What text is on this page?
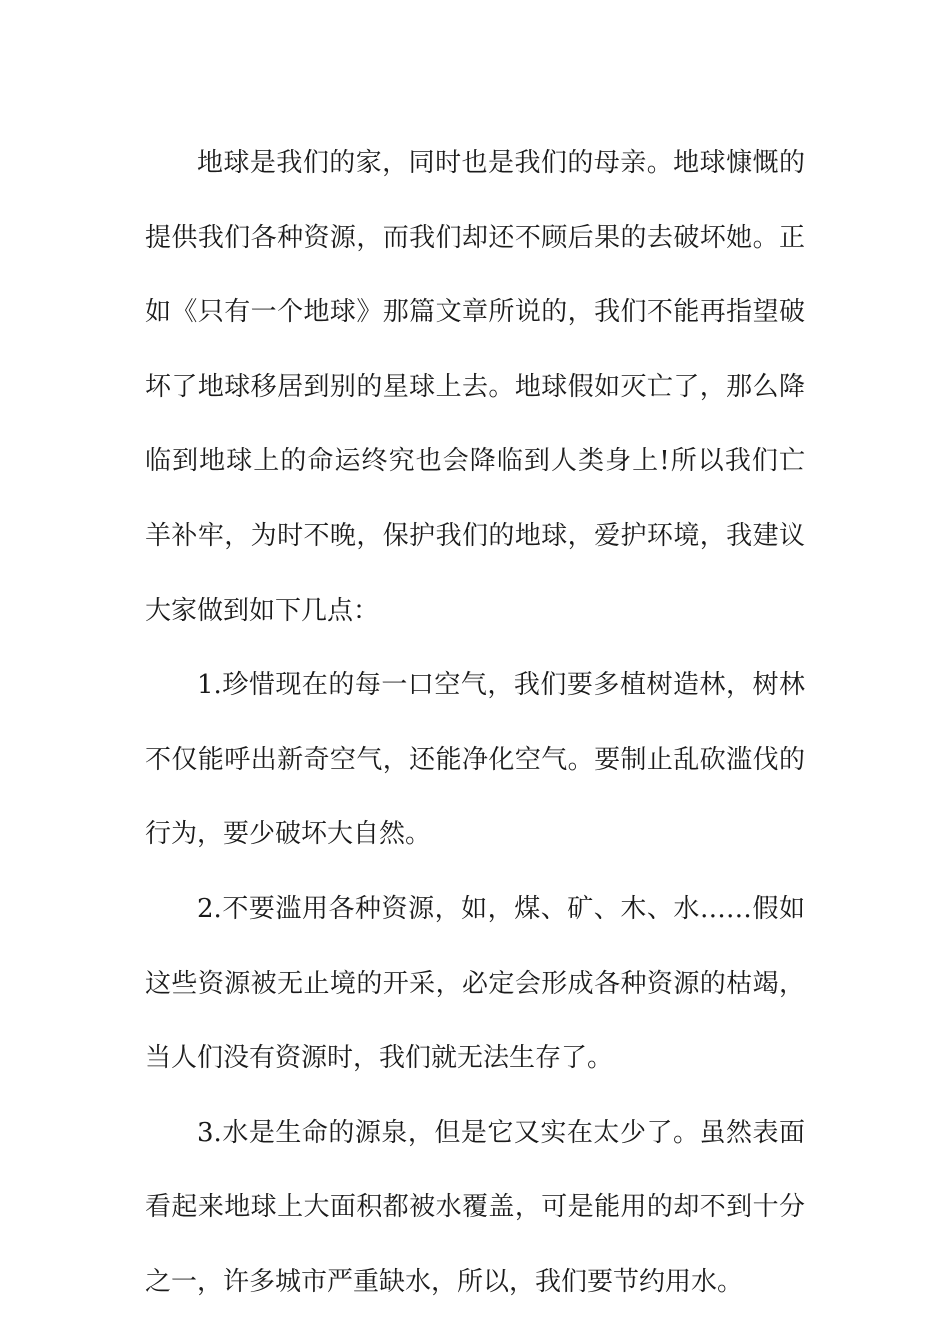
地球是我们的家，同时也是我们的母亲。地球慷慨的提供我们各种资源，而我们却还不顾后果的去破坏她。正如《只有一个地球》那篇文章所说的，我们不能再指望破坏了地球移居到别的星球上去。地球假如灭亡了，那么降临到地球上的命运终究也会降临到人类身上!所以我们亡羊补牢，为时不晚，保护我们的地球，爱护环境，我建议大家做到如下几点：

1.珍惜现在的每一口空气，我们要多植树造林，树林不仅能呼出新奇空气，还能净化空气。要制止乱砍滥伐的行为，要少破坏大自然。

2.不要滥用各种资源，如，煤、矿、木、水……假如这些资源被无止境的开采，必定会形成各种资源的枯竭，当人们没有资源时，我们就无法生存了。

3.水是生命的源泉，但是它又实在太少了。虽然表面看起来地球上大面积都被水覆盖，可是能用的却不到十分之一，许多城市严重缺水，所以，我们要节约用水。
